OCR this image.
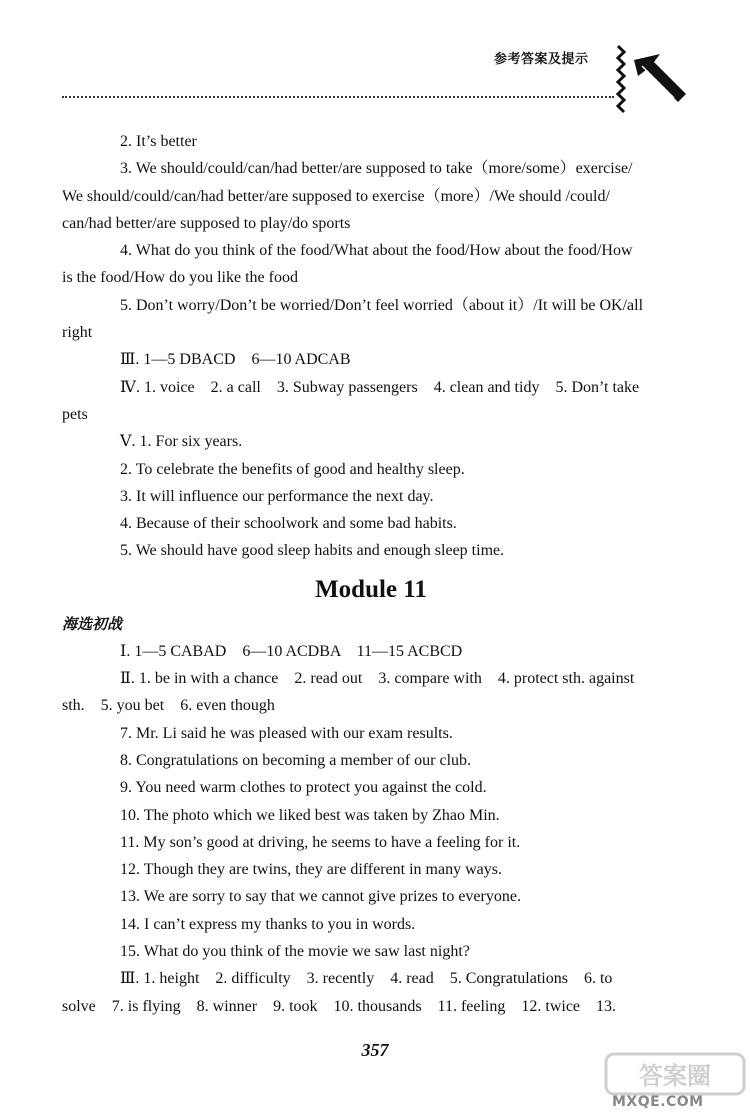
参考答案及提示

2. It’s better

3. We should/could/can/had better/are supposed to take（more/some）exercise/

We should/could/can/had better/are supposed to exercise（more）/We should /could/

can/had better/are supposed to play/do sports

4. What do you think of the food/What about the food/How about the food/How

is the food/How do you like the food

5. Don’t worry/Don’t be worried/Don’t feel worried（about it）/It will be OK/all

right

Ⅲ. 1—5 DBACD　6—10 ADCAB

Ⅳ. 1. voice　2. a call　3. Subway passengers　4. clean and tidy　5. Don’t take

pets

Ⅴ. 1. For six years.

2. To celebrate the benefits of good and healthy sleep.

3. It will influence our performance the next day.

4. Because of their schoolwork and some bad habits.

5. We should have good sleep habits and enough sleep time.

Module 11
海选初战

Ⅰ. 1—5 CABAD　6—10 ACDBA　11—15 ACBCD

Ⅱ. 1. be in with a chance　2. read out　3. compare with　4. protect sth. against

sth.　5. you bet　6. even though

7. Mr. Li said he was pleased with our exam results.

8. Congratulations on becoming a member of our club.

9. You need warm clothes to protect you against the cold.

10. The photo which we liked best was taken by Zhao Min.

11. My son’s good at driving, he seems to have a feeling for it.

12. Though they are twins, they are different in many ways.

13. We are sorry to say that we cannot give prizes to everyone.

14. I can’t express my thanks to you in words.

15. What do you think of the movie we saw last night?

Ⅲ. 1. height　2. difficulty　3. recently　4. read　5. Congratulations　6. to

solve　7. is flying　8. winner　9. took　10. thousands　11. feeling　12. twice　13.

357
答案圈
MXQE.COM
